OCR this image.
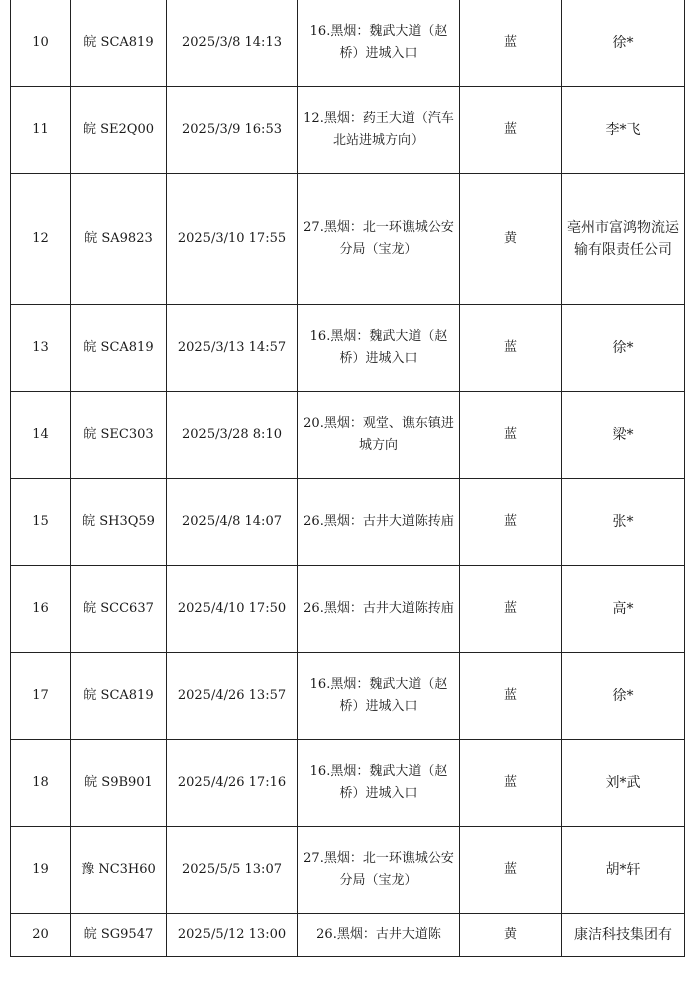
10	皖 SCA819	2025/3/8 14:13	16.黑烟：魏武大道（赵桥）进城入口	蓝	徐*
11	皖 SE2Q00	2025/3/9 16:53	12.黑烟：药王大道（汽车北站进城方向）	蓝	李*飞
12	皖 SA9823	2025/3/10 17:55	27.黑烟：北一环谯城公安分局（宝龙）	黄	亳州市富鸿物流运输有限责任公司
13	皖 SCA819	2025/3/13 14:57	16.黑烟：魏武大道（赵桥）进城入口	蓝	徐*
14	皖 SEC303	2025/3/28 8:10	20.黑烟：观堂、谯东镇进城方向	蓝	梁*
15	皖 SH3Q59	2025/4/8 14:07	26.黑烟：古井大道陈抟庙	蓝	张*
16	皖 SCC637	2025/4/10 17:50	26.黑烟：古井大道陈抟庙	蓝	高*
17	皖 SCA819	2025/4/26 13:57	16.黑烟：魏武大道（赵桥）进城入口	蓝	徐*
18	皖 S9B901	2025/4/26 17:16	16.黑烟：魏武大道（赵桥）进城入口	蓝	刘*武
19	豫 NC3H60	2025/5/5 13:07	27.黑烟：北一环谯城公安分局（宝龙）	蓝	胡*轩
20	皖 SG9547	2025/5/12 13:00	26.黑烟：古井大道陈	黄	康洁科技集团有
